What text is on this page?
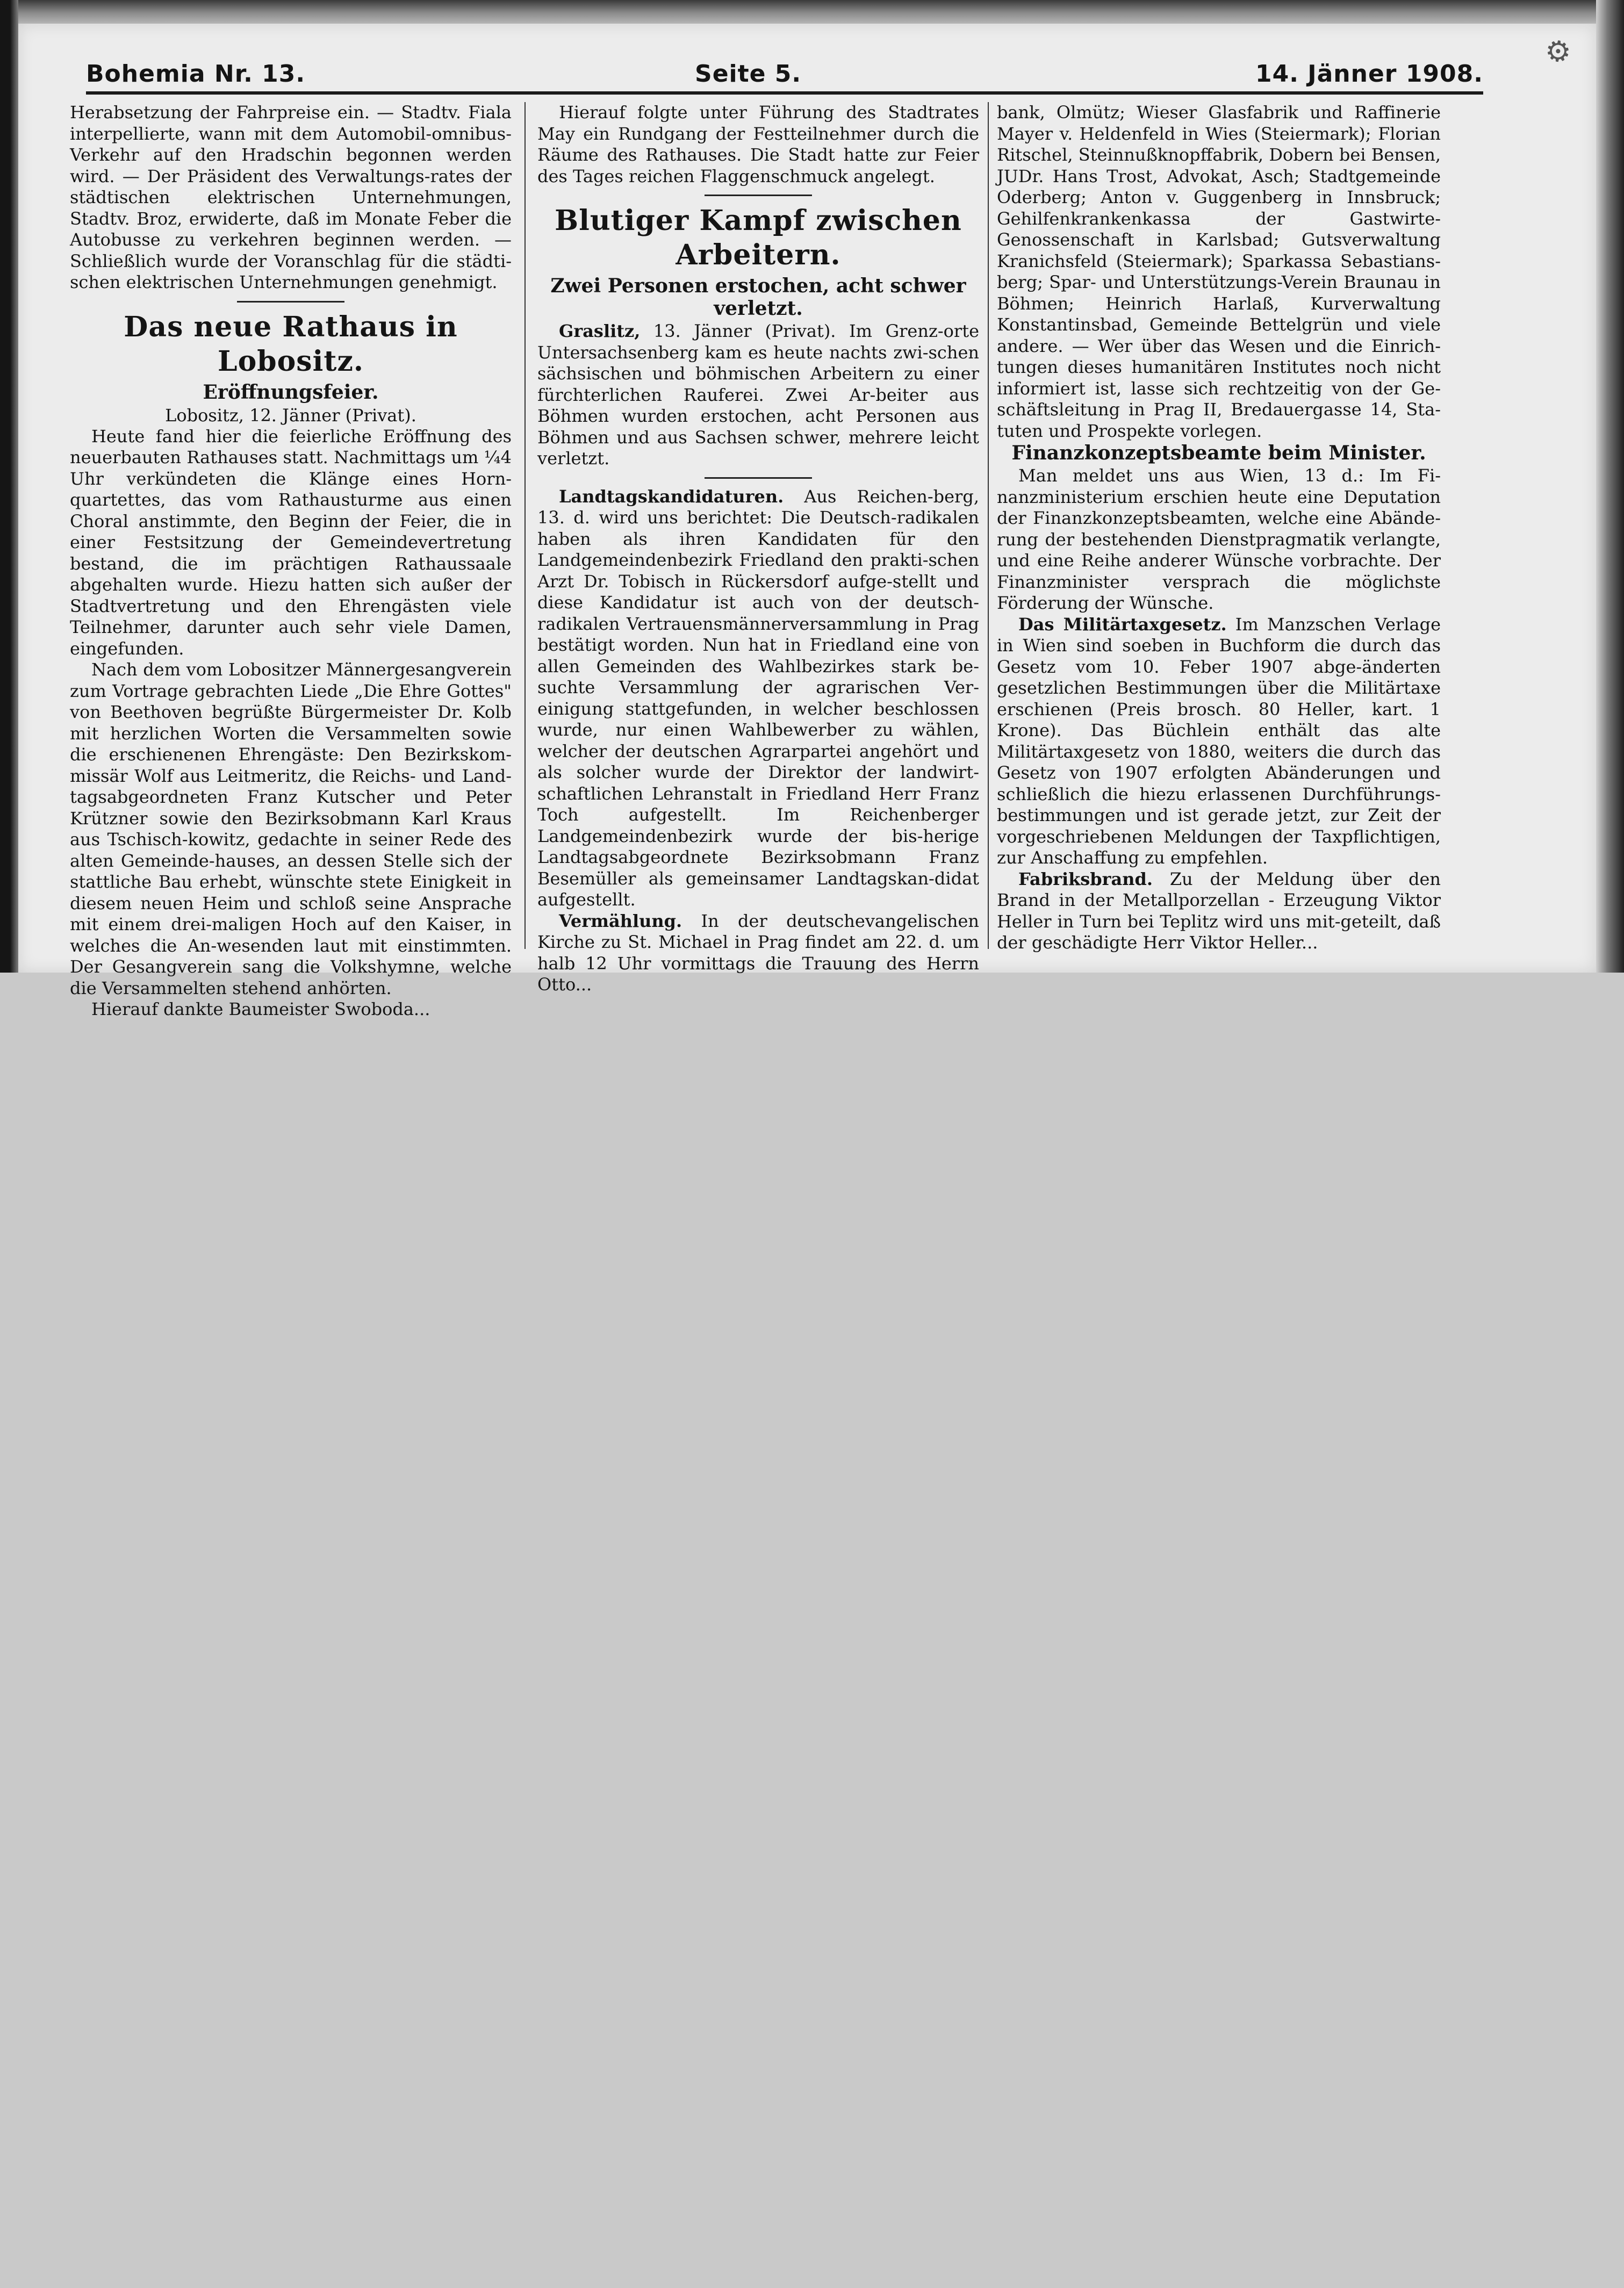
⚙
Bohemia Nr. 13.	Seite 5.	14. Jänner 1908.

Herabsetzung der Fahrpreise ein. — Stadtv. Fiala interpellierte, wann mit dem Automobil-omnibus-Verkehr auf den Hradschin begonnen werden wird. — Der Präsident des Verwaltungs-rates der städtischen elektrischen Unternehmungen, Stadtv. Broz, erwiderte, daß im Monate Feber die Autobusse zu verkehren beginnen werden. — Schließlich wurde der Voranschlag für die städti-schen elektrischen Unternehmungen genehmigt.

Das neue Rathaus in Lobositz.
Eröffnungsfeier.
Lobositz, 12. Jänner (Privat).

Heute fand hier die feierliche Eröffnung des neuerbauten Rathauses statt. Nachmittags um ¼4 Uhr verkündeten die Klänge eines Horn-quartettes, das vom Rathausturme aus einen Choral anstimmte, den Beginn der Feier, die in einer Festsitzung der Gemeindevertretung bestand, die im prächtigen Rathaussaale abgehalten wurde. Hiezu hatten sich außer der Stadtvertretung und den Ehrengästen viele Teilnehmer, darunter auch sehr viele Damen, eingefunden.

Nach dem vom Lobositzer Männergesangverein zum Vortrage gebrachten Liede „Die Ehre Gottes" von Beethoven begrüßte Bürgermeister Dr. Kolb mit herzlichen Worten die Versammelten sowie die erschienenen Ehrengäste: Den Bezirkskom-missär Wolf aus Leitmeritz, die Reichs- und Land-tagsabgeordneten Franz Kutscher und Peter Krützner sowie den Bezirksobmann Karl Kraus aus Tschisch-kowitz, gedachte in seiner Rede des alten Gemeinde-hauses, an dessen Stelle sich der stattliche Bau erhebt, wünschte stete Einigkeit in diesem neuen Heim und schloß seine Ansprache mit einem drei-maligen Hoch auf den Kaiser, in welches die An-wesenden laut mit einstimmten. Der Gesangverein sang die Volkshymne, welche die Versammelten stehend anhörten.

Hierauf dankte Baumeister Swoboda...

Hierauf folgte unter Führung des Stadtrates May ein Rundgang der Festteilnehmer durch die Räume des Rathauses. Die Stadt hatte zur Feier des Tages reichen Flaggenschmuck angelegt.

Blutiger Kampf zwischen Arbeitern.
Zwei Personen erstochen, acht schwer verletzt.

Graslitz, 13. Jänner (Privat). Im Grenz-orte Untersachsenberg kam es heute nachts zwi-schen sächsischen und böhmischen Arbeitern zu einer fürchterlichen Rauferei. Zwei Ar-beiter aus Böhmen wurden erstochen, acht Personen aus Böhmen und aus Sachsen schwer, mehrere leicht verletzt.

Landtagskandidaturen. Aus Reichen-berg, 13. d. wird uns berichtet: Die Deutsch-radikalen haben als ihren Kandidaten für den Landgemeindenbezirk Friedland den prakti-schen Arzt Dr. Tobisch in Rückersdorf aufge-stellt und diese Kandidatur ist auch von der deutsch-radikalen Vertrauensmännerversammlung in Prag bestätigt worden. Nun hat in Friedland eine von allen Gemeinden des Wahlbezirkes stark be-suchte Versammlung der agrarischen Ver-einigung stattgefunden, in welcher beschlossen wurde, nur einen Wahlbewerber zu wählen, welcher der deutschen Agrarpartei angehört und als solcher wurde der Direktor der landwirt-schaftlichen Lehranstalt in Friedland Herr Franz Toch aufgestellt. Im Reichenberger Landgemeindenbezirk wurde der bis-herige Landtagsabgeordnete Bezirksobmann Franz Besemüller als gemeinsamer Landtagskan-didat aufgestellt.

Vermählung. In der deutschevangelischen Kirche zu St. Michael in Prag findet am 22. d. um halb 12 Uhr vormittags die Trauung des Herrn Otto...

bank, Olmütz; Wieser Glasfabrik und Raffinerie Mayer v. Heldenfeld in Wies (Steiermark); Florian Ritschel, Steinnußknopffabrik, Dobern bei Bensen, JUDr. Hans Trost, Advokat, Asch; Stadtgemeinde Oderberg; Anton v. Guggenberg in Innsbruck; Gehilfenkrankenkassa der Gastwirte-Genossenschaft in Karlsbad; Gutsverwaltung Kranichsfeld (Steiermark); Sparkassa Sebastians-berg; Spar- und Unterstützungs-Verein Braunau in Böhmen; Heinrich Harlaß, Kurverwaltung Konstantinsbad, Gemeinde Bettelgrün und viele andere. — Wer über das Wesen und die Einrich-tungen dieses humanitären Institutes noch nicht informiert ist, lasse sich rechtzeitig von der Ge-schäftsleitung in Prag II, Bredauergasse 14, Sta-tuten und Prospekte vorlegen.

Finanzkonzeptsbeamte beim Minister.

Man meldet uns aus Wien, 13 d.: Im Fi-nanzministerium erschien heute eine Deputation der Finanzkonzeptsbeamten, welche eine Abände-rung der bestehenden Dienstpragmatik verlangte, und eine Reihe anderer Wünsche vorbrachte. Der Finanzminister versprach die möglichste Förderung der Wünsche.

Das Militärtaxgesetz. Im Manzschen Verlage in Wien sind soeben in Buchform die durch das Gesetz vom 10. Feber 1907 abge-änderten gesetzlichen Bestimmungen über die Militärtaxe erschienen (Preis brosch. 80 Heller, kart. 1 Krone). Das Büchlein enthält das alte Militärtaxgesetz von 1880, weiters die durch das Gesetz von 1907 erfolgten Abänderungen und schließlich die hiezu erlassenen Durchführungs-bestimmungen und ist gerade jetzt, zur Zeit der vorgeschriebenen Meldungen der Taxpflichtigen, zur Anschaffung zu empfehlen.

Fabriksbrand. Zu der Meldung über den Brand in der Metallporzellan - Erzeugung Viktor Heller in Turn bei Teplitz wird uns mit-geteilt, daß der geschädigte Herr Viktor Heller...
